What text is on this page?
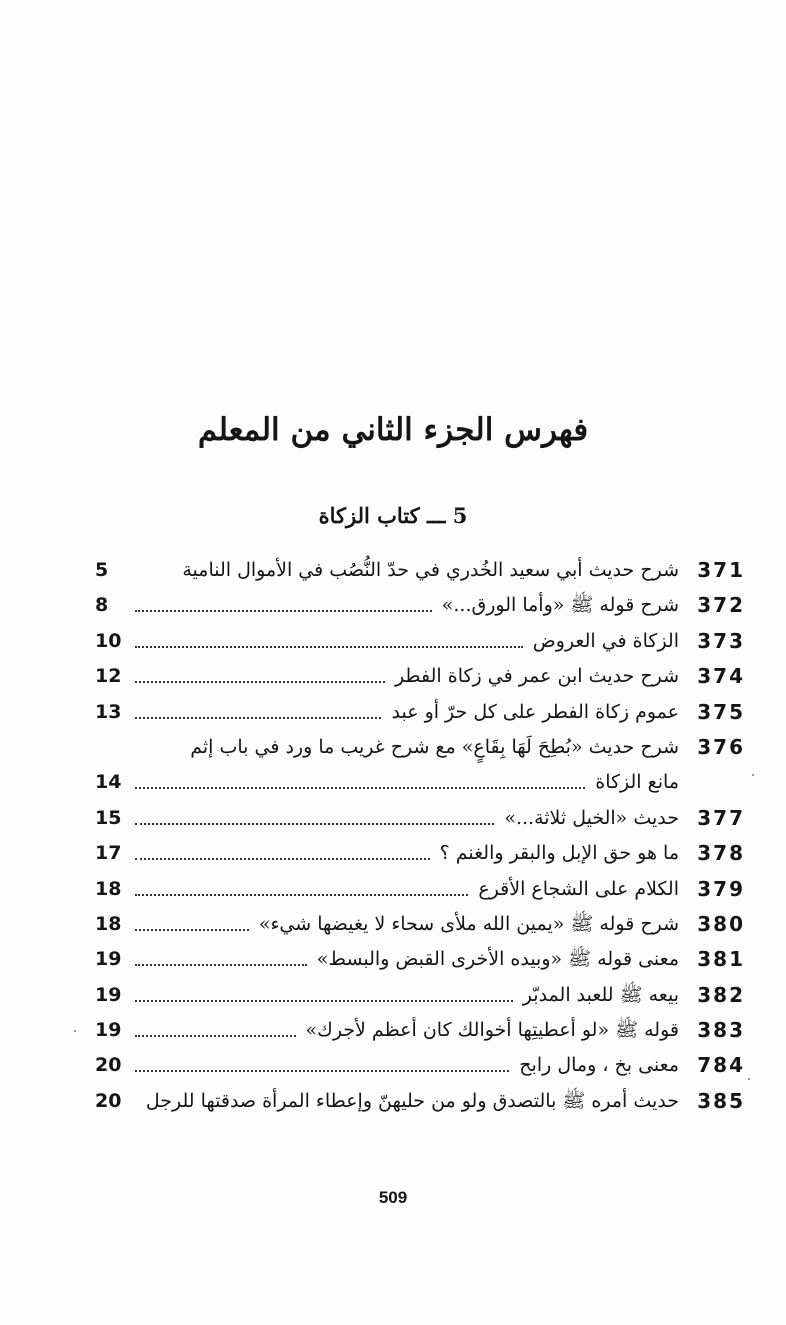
فهرس الجزء الثاني من المعلم
5 ـــ كتاب الزكاة
371
شرح حديث أبي سعيد الخُدري في حدّ النُّصُب في الأموال النامية
5
372
شرح قوله ﷺ «وأما الورق...»
8
373
الزكاة في العروض
10
374
شرح حديث ابن عمر في زكاة الفطر
12
375
عموم زكاة الفطر على كل حرّ أو عبد
13
376
شرح حديث «بُطِحَ لَهَا بِقَاعٍ» مع شرح غريب ما ورد في باب إثم
مانع الزكاة
14
377
حديث «الخيل ثلاثة...»
15
378
ما هو حق الإبل والبقر والغنم ؟
17
379
الكلام على الشجاع الأقرع
18
380
شرح قوله ﷺ «يمين الله ملأى سحاء لا يغيضها شيء»
18
381
معنى قوله ﷺ «وبيده الأخرى القبض والبسط»
19
382
بيعه ﷺ للعبد المدبّر
19
383
قوله ﷺ «لو أعطيتِها أخوالك كان أعظم لأجرك»
19
784
معنى بخ ، ومال رابح
20
385
حديث أمره ﷺ بالتصدق ولو من حليهنّ وإعطاء المرأة صدقتها للرجل
20
509
